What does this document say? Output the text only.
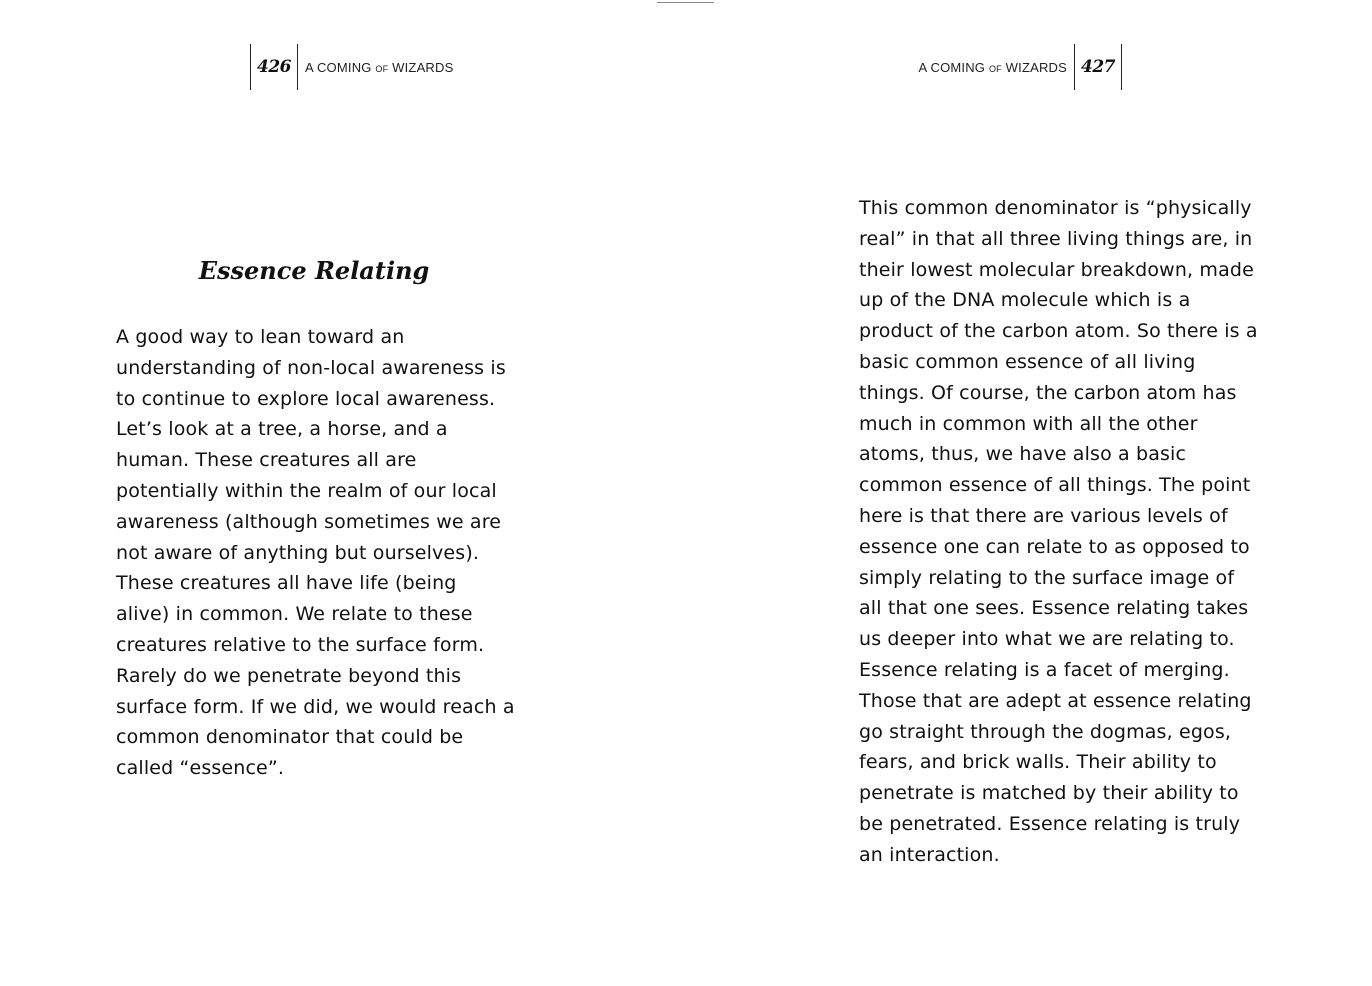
426	A COMING OF WIZARDS
Essence Relating

A good way to lean toward an understanding of non-local awareness is to continue to explore local awareness. Let’s look at a tree, a horse, and a human. These creatures all are potentially within the realm of our local awareness (although sometimes we are not aware of anything but ourselves). These creatures all have life (being alive) in common. We relate to these creatures relative to the surface form. Rarely do we penetrate beyond this surface form. If we did, we would reach a common denominator that could be called “essence”.

A COMING OF WIZARDS 427

This common denominator is “physically real” in that all three living things are, in their lowest molecular breakdown, made up of the DNA molecule which is a product of the carbon atom. So there is a basic common essence of all living things. Of course, the carbon atom has much in common with all the other atoms, thus, we have also a basic common essence of all things. The point here is that there are various levels of essence one can relate to as opposed to simply relating to the surface image of all that one sees. Essence relating takes us deeper into what we are relating to. Essence relating is a facet of merging. Those that are adept at essence relating go straight through the dogmas, egos, fears, and brick walls. Their ability to penetrate is matched by their ability to be penetrated. Essence relating is truly an interaction.
